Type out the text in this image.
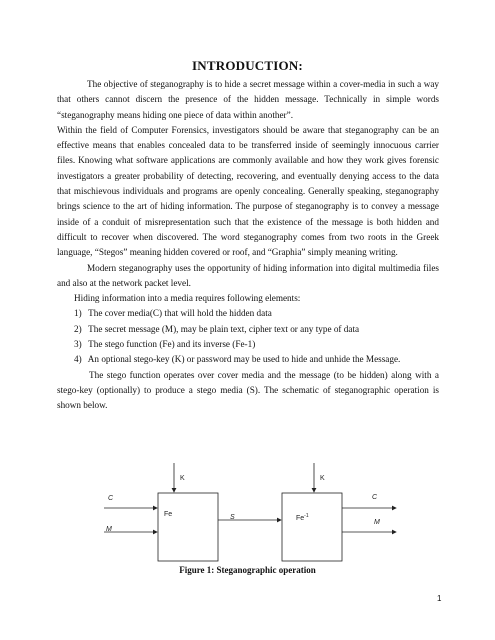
INTRODUCTION:

The objective of steganography is to hide a secret message within a cover-media in such a way that others cannot discern the presence of the hidden message. Technically in simple words “steganography means hiding one piece of data within another”.

Within the field of Computer Forensics, investigators should be aware that steganography can be an effective means that enables concealed data to be transferred inside of seemingly innocuous carrier files. Knowing what software applications are commonly available and how they work gives forensic investigators a greater probability of detecting, recovering, and eventually denying access to the data that mischievous individuals and programs are openly concealing. Generally speaking, steganography brings science to the art of hiding information. The purpose of steganography is to convey a message inside of a conduit of misrepresentation such that the existence of the message is both hidden and difficult to recover when discovered. The word steganography comes from two roots in the Greek language, “Stegos” meaning hidden covered or roof, and “Graphia” simply meaning writing.

Modern steganography uses the opportunity of hiding information into digital multimedia files and also at the network packet level.

Hiding information into a media requires following elements:

1) The cover media(C) that will hold the hidden data
2) The secret message (M), may be plain text, cipher text or any type of data
3) The stego function (Fe) and its inverse (Fe-1)
4) An optional stego-key (K) or password may be used to hide and unhide the Message.

The stego function operates over cover media and the message (to be hidden) along with a stego-key (optionally) to produce a stego media (S). The schematic of steganographic operation is shown below.

K	K
C
M
Fe	S	$Fe^{-1}$
C
M
Figure 1: Steganographic operation
1
